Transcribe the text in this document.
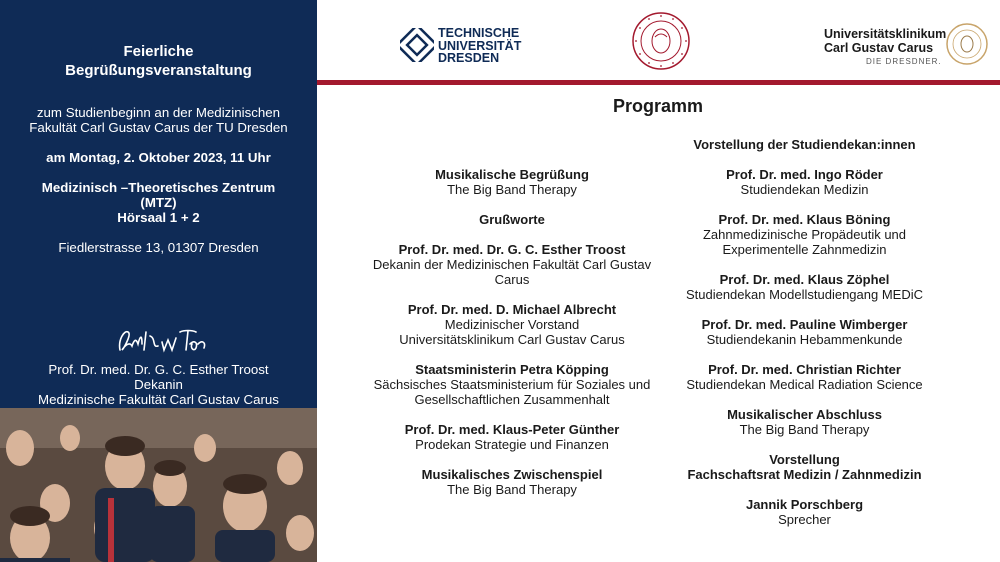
Feierliche
Begrüßungsveranstaltung
zum Studienbeginn an der Medizinischen
Fakultät Carl Gustav Carus der TU Dresden
am Montag, 2. Oktober 2023, 11 Uhr
Medizinisch –Theoretisches Zentrum
(MTZ)
Hörsaal 1 + 2
Fiedlerstrasse 13, 01307 Dresden
Prof. Dr. med. Dr. G. C. Esther Troost
Dekanin
Medizinische Fakultät Carl Gustav Carus
TECHNISCHE
UNIVERSITÄT
DRESDEN
Universitätsklinikum
Carl Gustav Carus
DIE DRESDNER.
Programm
Musikalische Begrüßung
The Big Band Therapy
Grußworte
Prof. Dr. med. Dr. G. C. Esther Troost
Dekanin der Medizinischen Fakultät Carl Gustav
Carus
Prof. Dr. med. D. Michael Albrecht
Medizinischer Vorstand
Universitätsklinikum Carl Gustav Carus
Staatsministerin Petra Köpping
Sächsisches Staatsministerium für Soziales und
Gesellschaftlichen Zusammenhalt
Prof. Dr. med. Klaus-Peter Günther
Prodekan Strategie und Finanzen
Musikalisches Zwischenspiel
The Big Band Therapy
Vorstellung der Studiendekan:innen
Prof. Dr. med. Ingo Röder
Studiendekan Medizin
Prof. Dr. med. Klaus Böning
Zahnmedizinische Propädeutik und
Experimentelle Zahnmedizin
Prof. Dr. med. Klaus Zöphel
Studiendekan Modellstudiengang MEDiC
Prof. Dr. med. Pauline Wimberger
Studiendekanin Hebammenkunde
Prof. Dr. med. Christian Richter
Studiendekan Medical Radiation Science
Musikalischer Abschluss
The Big Band Therapy
Vorstellung
Fachschaftsrat Medizin / Zahnmedizin
Jannik Porschberg
Sprecher
